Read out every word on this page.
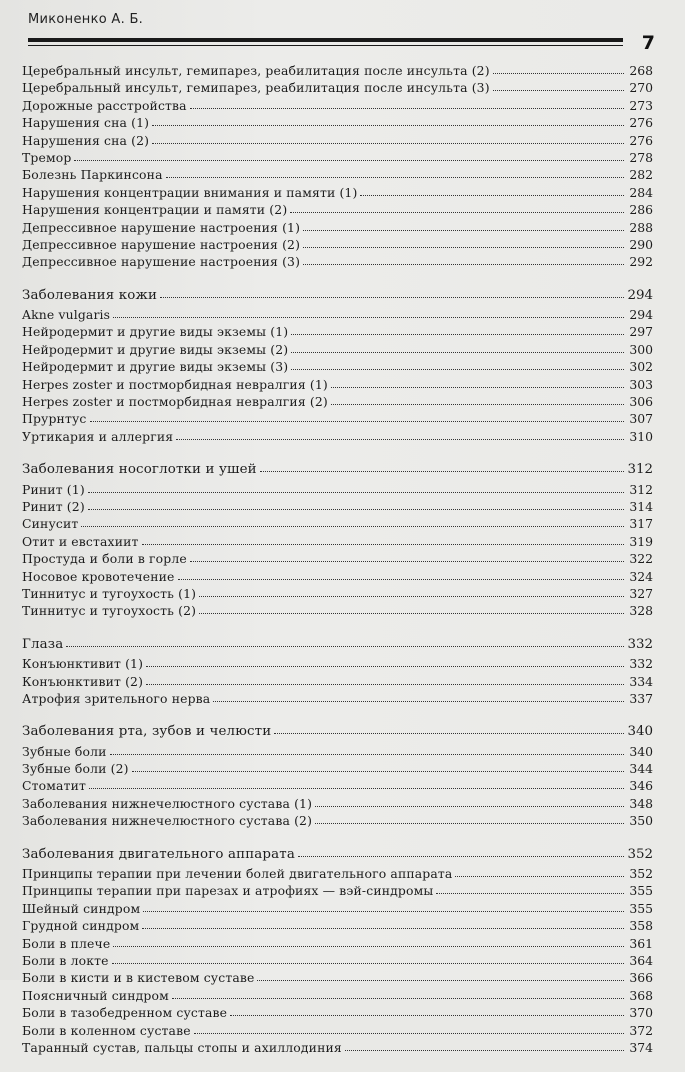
Миконенко А. Б.
7
Церебральный инсульт, гемипарез, реабилитация после инсульта (2)	268
Церебральный инсульт, гемипарез, реабилитация после инсульта (3)	270
Дорожные расстройства	273
Нарушения сна (1)	276
Нарушения сна (2)	276
Тремор	278
Болезнь Паркинсона	282
Нарушения концентрации внимания и памяти (1)	284
Нарушения концентрации и памяти (2)	286
Депрессивное нарушение настроения (1)	288
Депрессивное нарушение настроения (2)	290
Депрессивное нарушение настроения (3)	292
Заболевания кожи	294
Akne vulgaris	294
Нейродермит и другие виды экземы (1)	297
Нейродермит и другие виды экземы (2)	300
Нейродермит и другие виды экземы (3)	302
Herpes zoster и постморбидная невралгия (1)	303
Herpes zoster и постморбидная невралгия (2)	306
Прурнтус	307
Уртикария и аллергия	310
Заболевания носоглотки и ушей	312
Ринит (1)	312
Ринит (2)	314
Синусит	317
Отит и евстахиит	319
Простуда и боли в горле	322
Носовое кровотечение	324
Тиннитус и тугоухость (1)	327
Тиннитус и тугоухость (2)	328
Глаза	332
Конъюнктивит (1)	332
Конъюнктивит (2)	334
Атрофия зрительного нерва	337
Заболевания рта, зубов и челюсти	340
Зубные боли	340
Зубные боли (2)	344
Стоматит	346
Заболевания нижнечелюстного сустава (1)	348
Заболевания нижнечелюстного сустава (2)	350
Заболевания двигательного аппарата	352
Принципы терапии при лечении болей двигательного аппарата	352
Принципы терапии при парезах и атрофиях — вэй-синдромы	355
Шейный синдром	355
Грудной синдром	358
Боли в плече	361
Боли в локте	364
Боли в кисти и в кистевом суставе	366
Поясничный синдром	368
Боли в тазобедренном суставе	370
Боли в коленном суставе	372
Таранный сустав, пальцы стопы и ахиллодиния	374
